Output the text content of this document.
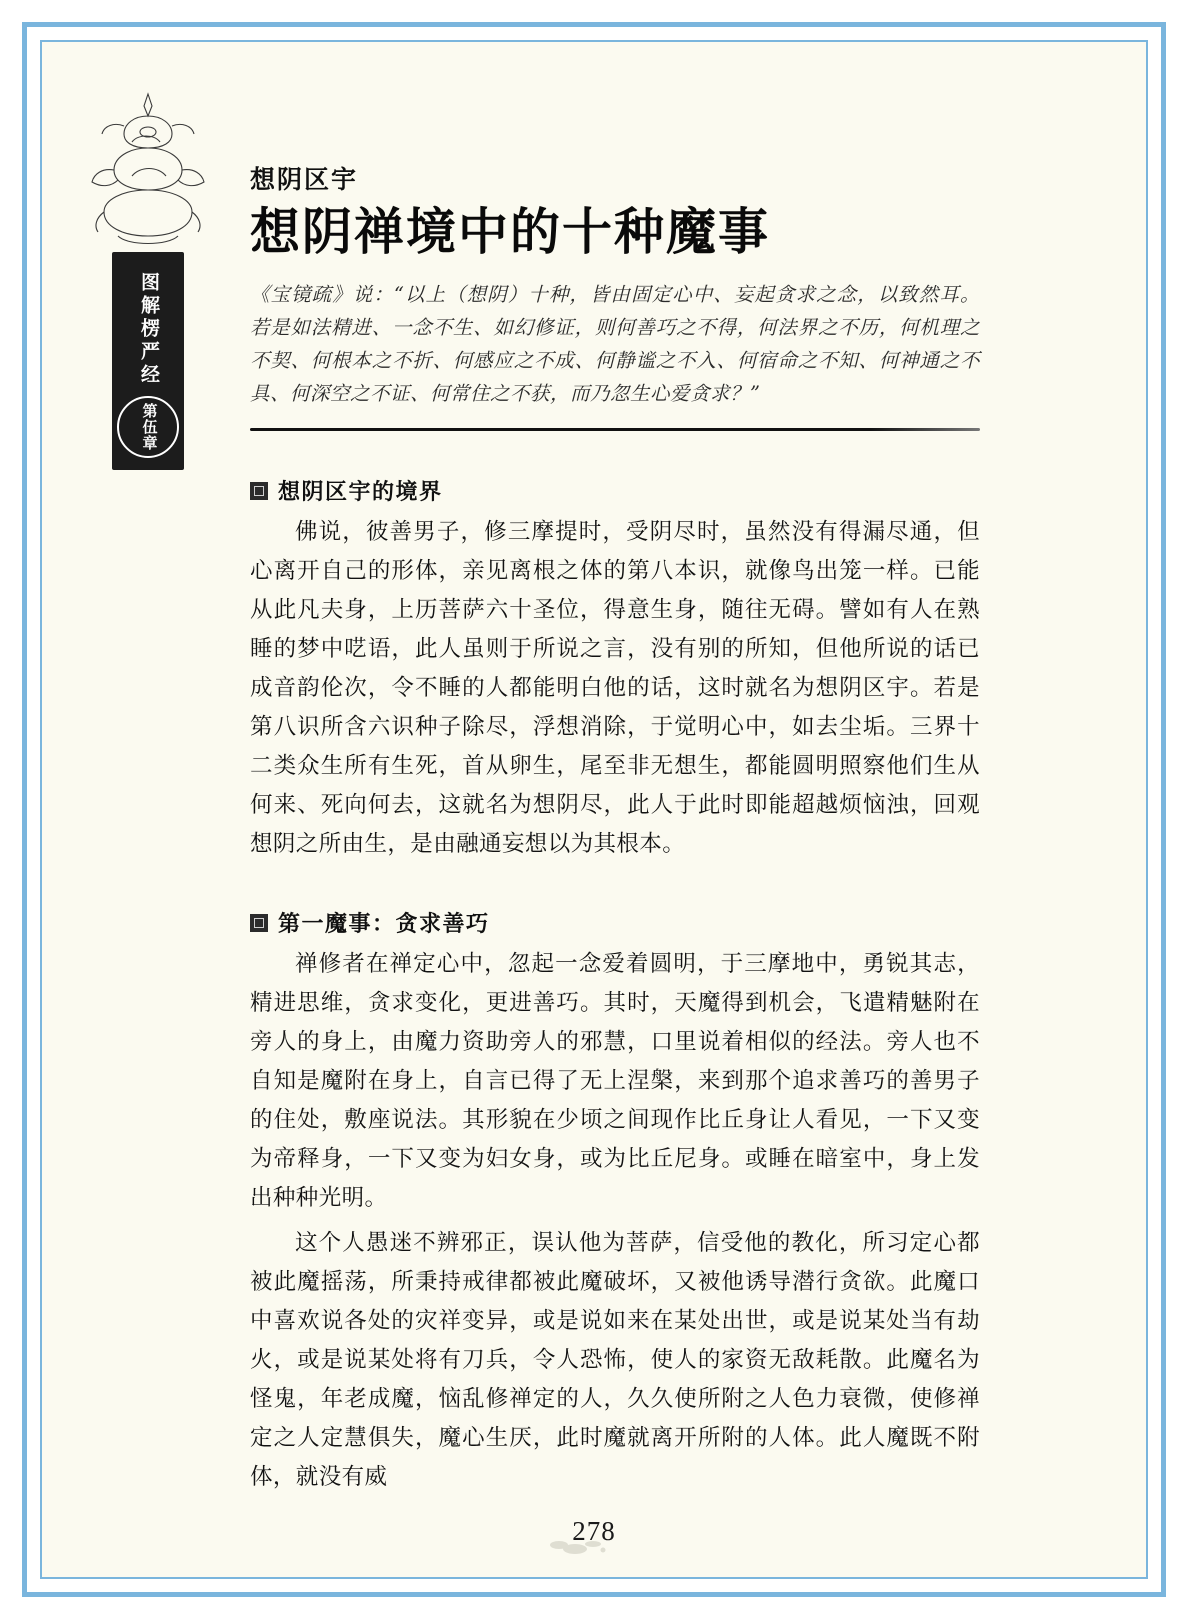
图解楞严经
第伍章
想阴区宇
想阴禅境中的十种魔事
《宝镜疏》说：“以上（想阴）十种，皆由固定心中、妄起贪求之念，以致然耳。若是如法精进、一念不生、如幻修证，则何善巧之不得，何法界之不历，何机理之不契、何根本之不折、何感应之不成、何静谧之不入、何宿命之不知、何神通之不具、何深空之不证、何常住之不获，而乃忽生心爱贪求？”
想阴区宇的境界

佛说，彼善男子，修三摩提时，受阴尽时，虽然没有得漏尽通，但心离开自己的形体，亲见离根之体的第八本识，就像鸟出笼一样。已能从此凡夫身，上历菩萨六十圣位，得意生身，随往无碍。譬如有人在熟睡的梦中呓语，此人虽则于所说之言，没有别的所知，但他所说的话已成音韵伦次，令不睡的人都能明白他的话，这时就名为想阴区宇。若是第八识所含六识种子除尽，浮想消除，于觉明心中，如去尘垢。三界十二类众生所有生死，首从卵生，尾至非无想生，都能圆明照察他们生从何来、死向何去，这就名为想阴尽，此人于此时即能超越烦恼浊，回观想阴之所由生，是由融通妄想以为其根本。

第一魔事：贪求善巧

禅修者在禅定心中，忽起一念爱着圆明，于三摩地中，勇锐其志，精进思维，贪求变化，更进善巧。其时，天魔得到机会，飞遣精魅附在旁人的身上，由魔力资助旁人的邪慧，口里说着相似的经法。旁人也不自知是魔附在身上，自言已得了无上涅槃，来到那个追求善巧的善男子的住处，敷座说法。其形貌在少顷之间现作比丘身让人看见，一下又变为帝释身，一下又变为妇女身，或为比丘尼身。或睡在暗室中，身上发出种种光明。

这个人愚迷不辨邪正，误认他为菩萨，信受他的教化，所习定心都被此魔摇荡，所秉持戒律都被此魔破坏，又被他诱导潜行贪欲。此魔口中喜欢说各处的灾祥变异，或是说如来在某处出世，或是说某处当有劫火，或是说某处将有刀兵，令人恐怖，使人的家资无敌耗散。此魔名为怪鬼，年老成魔，恼乱修禅定的人，久久使所附之人色力衰微，使修禅定之人定慧俱失，魔心生厌，此时魔就离开所附的人体。此人魔既不附体，就没有威

278
